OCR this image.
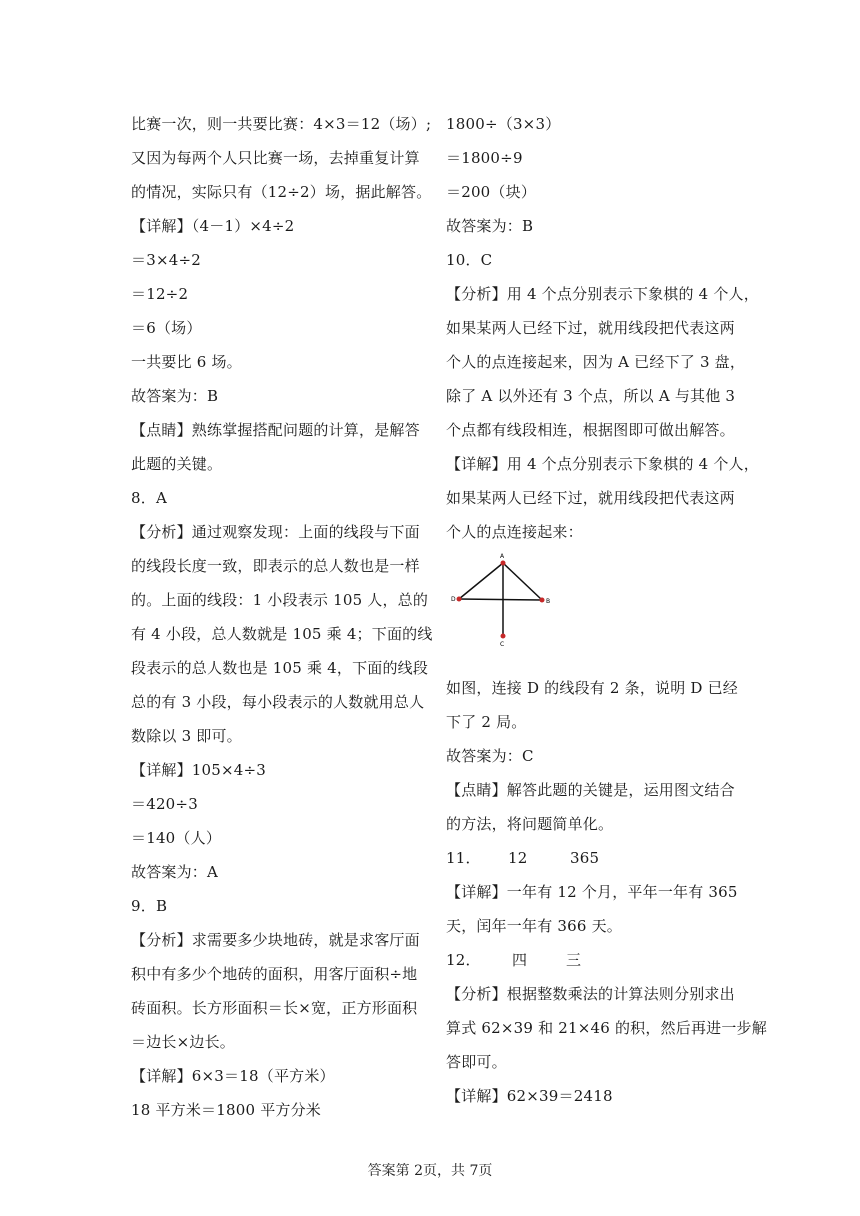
比赛一次，则一共要比赛：4×3＝12（场）;
又因为每两个人只比赛一场，去掉重复计算
的情况，实际只有（12÷2）场，据此解答。
【详解】（4－1）×4÷2
＝3×4÷2
＝12÷2
＝6（场）
一共要比 6 场。
故答案为：B
【点睛】熟练掌握搭配问题的计算，是解答
此题的关键。
8．A
【分析】通过观察发现：上面的线段与下面
的线段长度一致，即表示的总人数也是一样
的。上面的线段：1 小段表示 105 人，总的
有 4 小段，总人数就是 105 乘 4；下面的线
段表示的总人数也是 105 乘 4，下面的线段
总的有 3 小段，每小段表示的人数就用总人
数除以 3 即可。
【详解】105×4÷3
＝420÷3
＝140（人）
故答案为：A
9．B
【分析】求需要多少块地砖，就是求客厅面
积中有多少个地砖的面积，用客厅面积÷地
砖面积。长方形面积＝长×宽，正方形面积
＝边长×边长。
【详解】6×3＝18（平方米）
18 平方米＝1800 平方分米
1800÷（3×3）
＝1800÷9
＝200（块）
故答案为：B
10．C
【分析】用 4 个点分别表示下象棋的 4 个人，
如果某两人已经下过，就用线段把代表这两
个人的点连接起来，因为 A 已经下了 3 盘，
除了 A 以外还有 3 个点，所以 A 与其他 3
个点都有线段相连，根据图即可做出解答。
【详解】用 4 个点分别表示下象棋的 4 个人，
如果某两人已经下过，就用线段把代表这两
个人的点连接起来：
A
D	B
C
如图，连接 D 的线段有 2 条，说明 D 已经
下了 2 局。
故答案为：C
【点睛】解答此题的关键是，运用图文结合
的方法，将问题简单化。
11． 12	365
【详解】一年有 12 个月，平年一年有 365
天，闰年一年有 366 天。
12． 四	三
【分析】根据整数乘法的计算法则分别求出
算式 62×39 和 21×46 的积，然后再进一步解
答即可。
【详解】62×39＝2418
答案第 2页，共 7页
